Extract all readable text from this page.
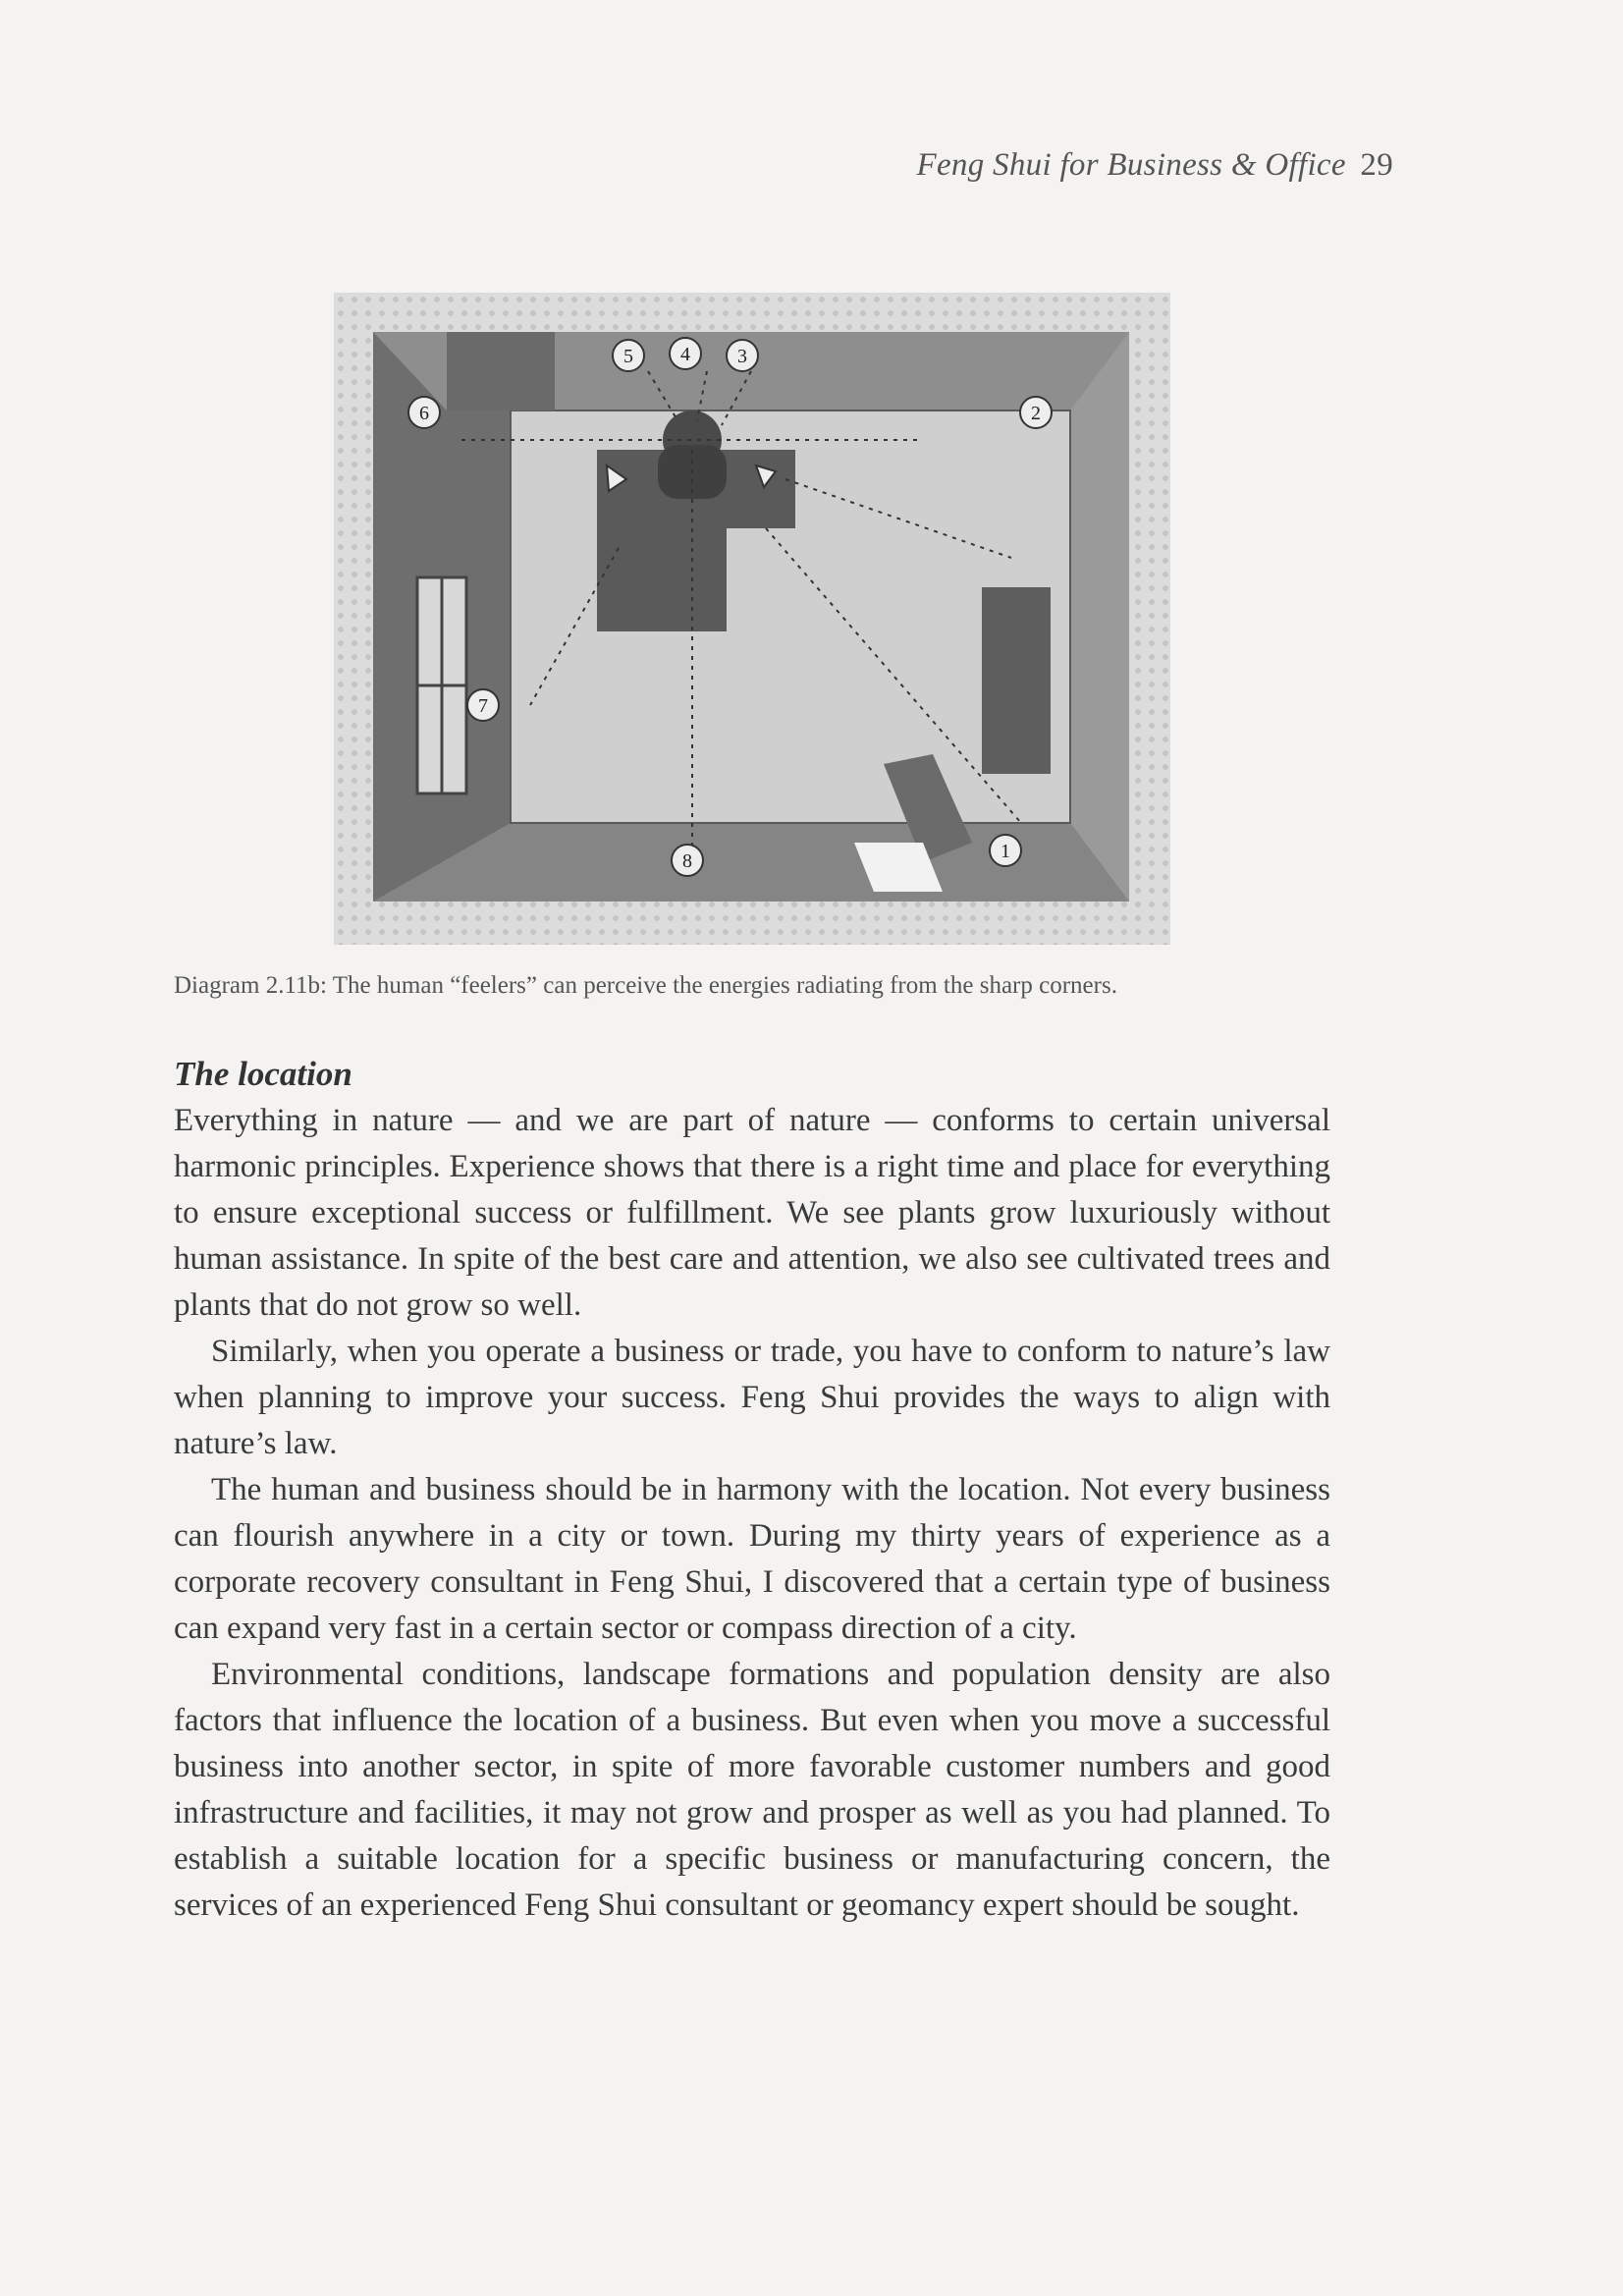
Feng Shui for Business & Office 29
5 4 3
2
6
7
8	1
Diagram 2.11b: The human “feelers” can perceive the energies radiating from the sharp corners.
The location

Everything in nature — and we are part of nature — conforms to certain universal harmonic principles. Experience shows that there is a right time and place for everything to ensure exceptional success or fulfillment. We see plants grow luxuriously without human assistance. In spite of the best care and attention, we also see cultivated trees and plants that do not grow so well.

Similarly, when you operate a business or trade, you have to conform to nature’s law when planning to improve your success. Feng Shui provides the ways to align with nature’s law.

The human and business should be in harmony with the location. Not every business can flourish anywhere in a city or town. During my thirty years of experience as a corporate recovery consultant in Feng Shui, I discovered that a certain type of business can expand very fast in a certain sector or compass direction of a city.

Environmental conditions, landscape formations and population density are also factors that influence the location of a business. But even when you move a successful business into another sector, in spite of more favorable customer numbers and good infrastructure and facilities, it may not grow and prosper as well as you had planned. To establish a suitable location for a specific business or manufacturing concern, the services of an experienced Feng Shui consultant or geomancy expert should be sought.
